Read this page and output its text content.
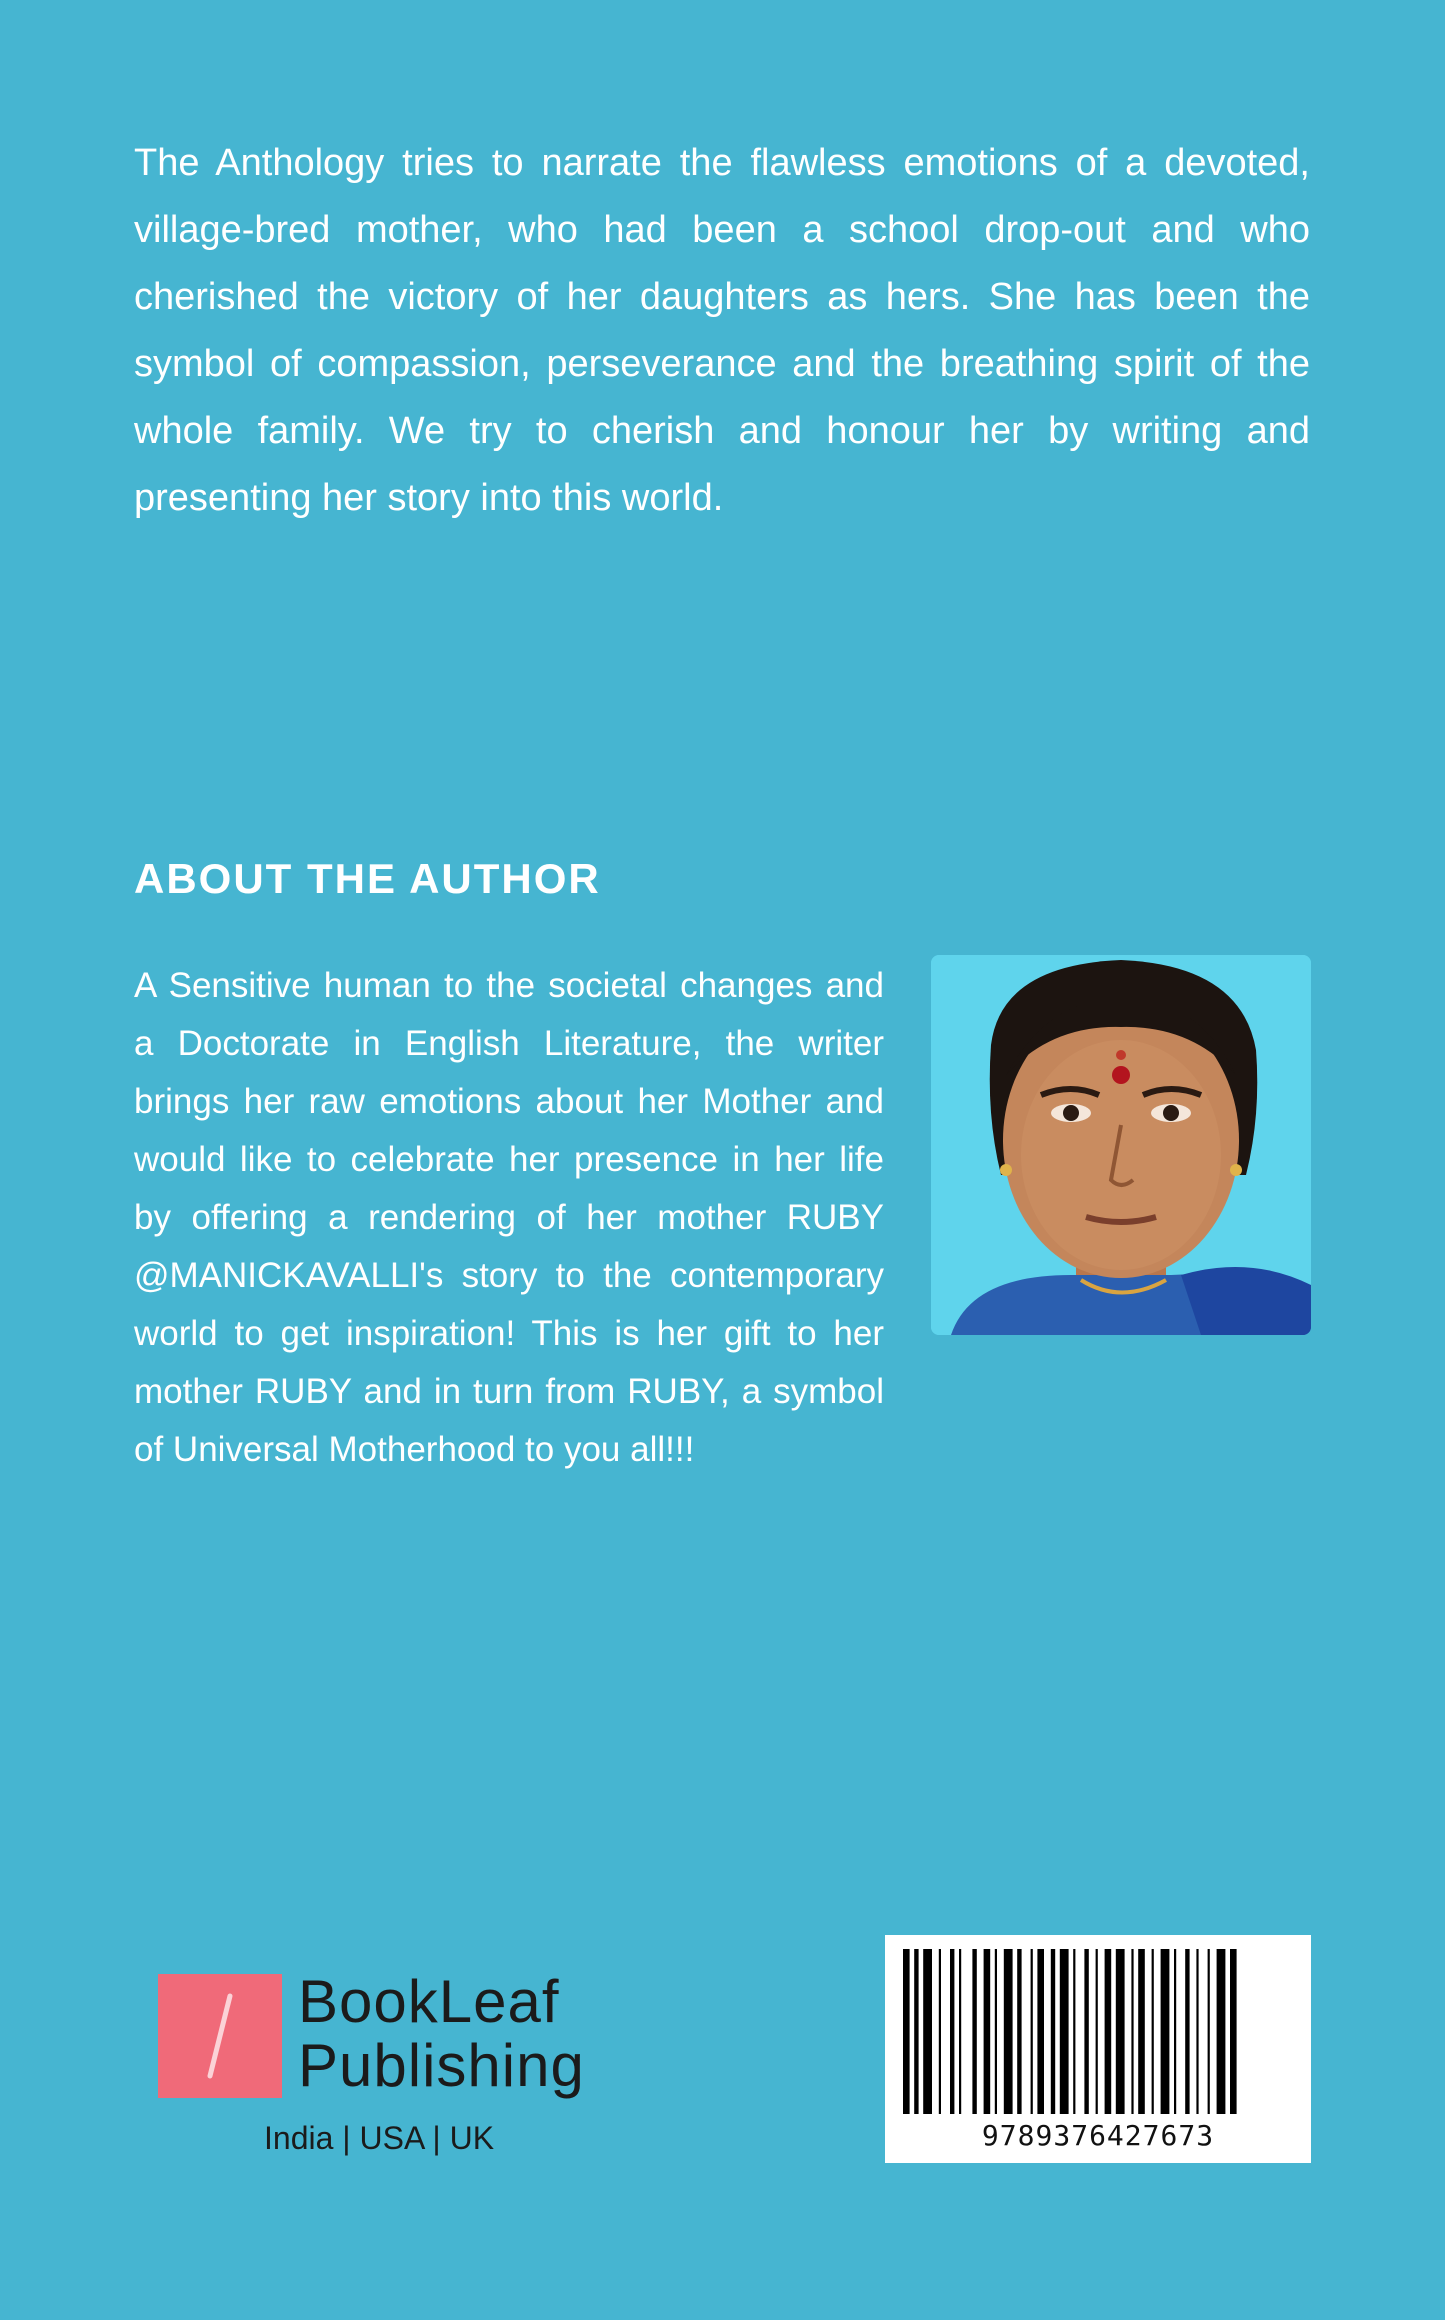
The Anthology tries to narrate the flawless emotions of a devoted, village-bred mother, who had been a school drop-out and who cherished the victory of her daughters as hers. She has been the symbol of compassion, perseverance and the breathing spirit of the whole family. We try to cherish and honour her by writing and presenting her story into this world.

ABOUT THE AUTHOR

A Sensitive human to the societal changes and a Doctorate in English Literature, the writer brings her raw emotions about her Mother and would like to celebrate her presence in her life by offering a rendering of her mother RUBY @MANICKAVALLI's story to the contemporary world to get inspiration! This is her gift to her mother RUBY and in turn from RUBY, a symbol of Universal Motherhood to you all!!!

BookLeaf
Publishing
India | USA | UK	9789376427673
